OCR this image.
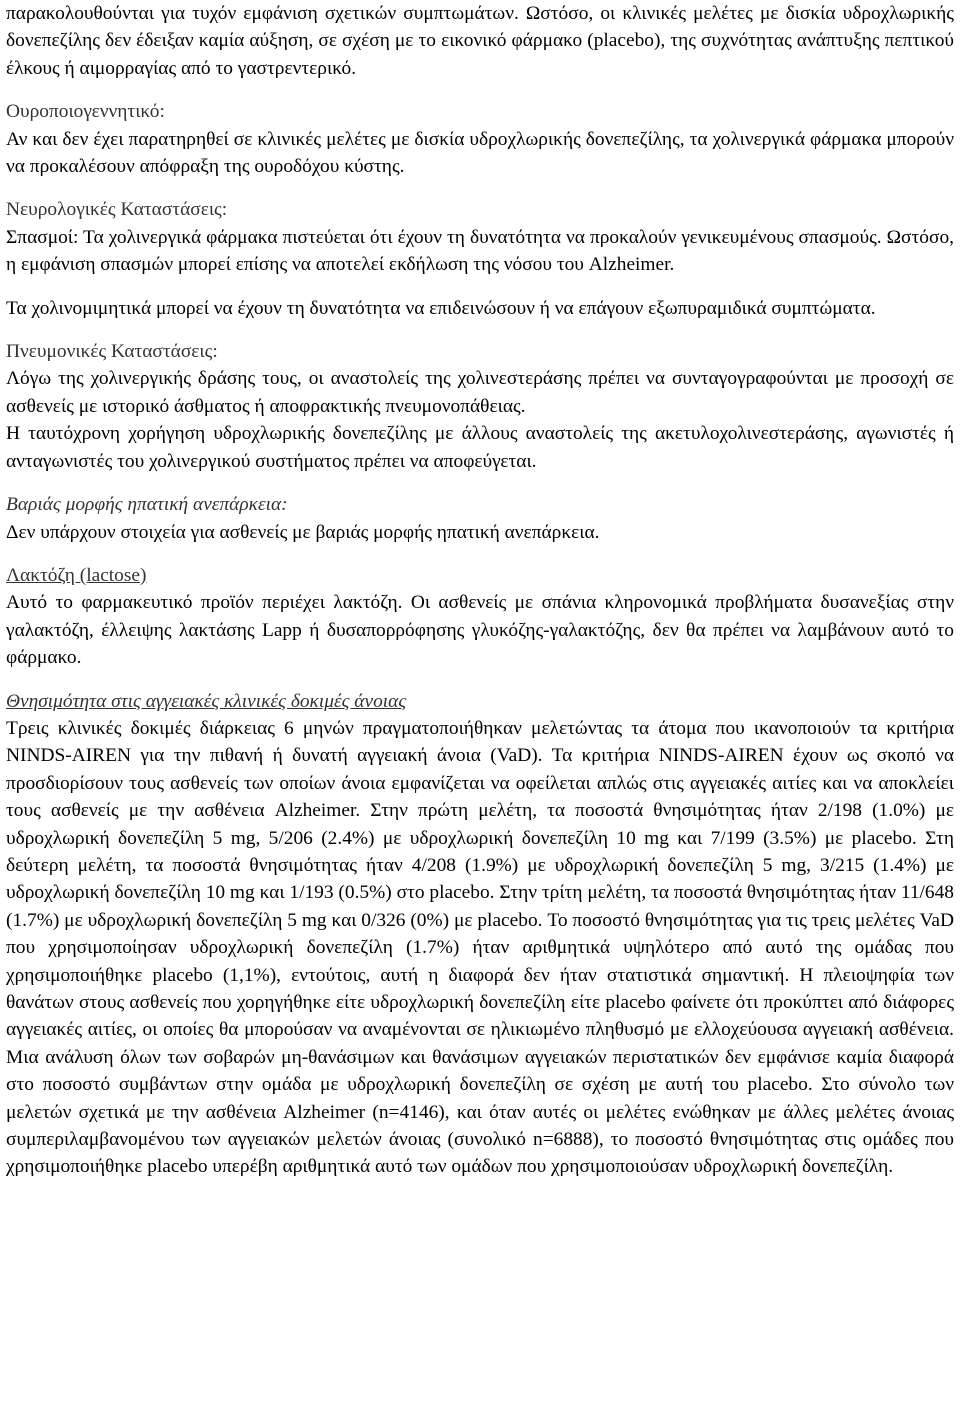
παρακολουθούνται για τυχόν εμφάνιση σχετικών συμπτωμάτων. Ωστόσο, οι κλινικές μελέτες με δισκία υδροχλωρικής δονεπεζίλης δεν έδειξαν καμία αύξηση, σε σχέση με το εικονικό φάρμακο (placebo), της συχνότητας ανάπτυξης πεπτικού έλκους ή αιμορραγίας από το γαστρεντερικό.

Ουροποιογεννητικό:

Αν και δεν έχει παρατηρηθεί σε κλινικές μελέτες με δισκία υδροχλωρικής δονεπεζίλης, τα χολινεργικά φάρμακα μπορούν να προκαλέσουν απόφραξη της ουροδόχου κύστης.

Νευρολογικές Καταστάσεις:

Σπασμοί: Τα χολινεργικά φάρμακα πιστεύεται ότι έχουν τη δυνατότητα να προκαλούν γενικευμένους σπασμούς. Ωστόσο, η εμφάνιση σπασμών μπορεί επίσης να αποτελεί εκδήλωση της νόσου του Alzheimer.

Τα χολινομιμητικά μπορεί να έχουν τη δυνατότητα να επιδεινώσουν ή να επάγουν εξωπυραμιδικά συμπτώματα.

Πνευμονικές Καταστάσεις:

Λόγω της χολινεργικής δράσης τους, οι αναστολείς της χολινεστεράσης πρέπει να συνταγογραφούνται με προσοχή σε ασθενείς με ιστορικό άσθματος ή αποφρακτικής πνευμονοπάθειας.

Η ταυτόχρονη χορήγηση υδροχλωρικής δονεπεζίλης με άλλους αναστολείς της ακετυλοχολινεστεράσης, αγωνιστές ή ανταγωνιστές του χολινεργικού συστήματος πρέπει να αποφεύγεται.

Βαριάς μορφής ηπατική ανεπάρκεια:

Δεν υπάρχουν στοιχεία για ασθενείς με βαριάς μορφής ηπατική ανεπάρκεια.

Λακτόζη (lactose)

Αυτό το φαρμακευτικό προϊόν περιέχει λακτόζη. Οι ασθενείς με σπάνια κληρονομικά προβλήματα δυσανεξίας στην γαλακτόζη, έλλειψης λακτάσης Lapp ή δυσαπορρόφησης γλυκόζης-γαλακτόζης, δεν θα πρέπει να λαμβάνουν αυτό το φάρμακο.

Θνησιμότητα στις αγγειακές κλινικές δοκιμές άνοιας

Τρεις κλινικές δοκιμές διάρκειας 6 μηνών πραγματοποιήθηκαν μελετώντας τα άτομα που ικανοποιούν τα κριτήρια NINDS-AIREN για την πιθανή ή δυνατή αγγειακή άνοια (VaD). Τα κριτήρια NINDS-AIREN έχουν ως σκοπό να προσδιορίσουν τους ασθενείς των οποίων άνοια εμφανίζεται να οφείλεται απλώς στις αγγειακές αιτίες και να αποκλείει τους ασθενείς με την ασθένεια Alzheimer. Στην πρώτη μελέτη, τα ποσοστά θνησιμότητας ήταν 2/198 (1.0%) με υδροχλωρική δονεπεζίλη 5 mg, 5/206 (2.4%) με υδροχλωρική δονεπεζίλη 10 mg και 7/199 (3.5%) με placebo. Στη δεύτερη μελέτη, τα ποσοστά θνησιμότητας ήταν 4/208 (1.9%) με υδροχλωρική δονεπεζίλη 5 mg, 3/215 (1.4%) με υδροχλωρική δονεπεζίλη 10 mg και 1/193 (0.5%) στο placebo. Στην τρίτη μελέτη, τα ποσοστά θνησιμότητας ήταν 11/648 (1.7%) με υδροχλωρική δονεπεζίλη 5 mg και 0/326 (0%) με placebo. Το ποσοστό θνησιμότητας για τις τρεις μελέτες VaD που χρησιμοποίησαν υδροχλωρική δονεπεζίλη (1.7%) ήταν αριθμητικά υψηλότερο από αυτό της ομάδας που χρησιμοποιήθηκε placebo (1,1%), εντούτοις, αυτή η διαφορά δεν ήταν στατιστικά σημαντική. Η πλειοψηφία των θανάτων στους ασθενείς που χορηγήθηκε είτε υδροχλωρική δονεπεζίλη είτε placebo φαίνετε ότι προκύπτει από διάφορες αγγειακές αιτίες, οι οποίες θα μπορούσαν να αναμένονται σε ηλικιωμένο πληθυσμό με ελλοχεύουσα αγγειακή ασθένεια. Μια ανάλυση όλων των σοβαρών μη-θανάσιμων και θανάσιμων αγγειακών περιστατικών δεν εμφάνισε καμία διαφορά στο ποσοστό συμβάντων στην ομάδα με υδροχλωρική δονεπεζίλη σε σχέση με αυτή του placebo. Στο σύνολο των μελετών σχετικά με την ασθένεια Alzheimer (n=4146), και όταν αυτές οι μελέτες ενώθηκαν με άλλες μελέτες άνοιας συμπεριλαμβανομένου των αγγειακών μελετών άνοιας (συνολικό n=6888), το ποσοστό θνησιμότητας στις ομάδες που χρησιμοποιήθηκε placebo υπερέβη αριθμητικά αυτό των ομάδων που χρησιμοποιούσαν υδροχλωρική δονεπεζίλη.
